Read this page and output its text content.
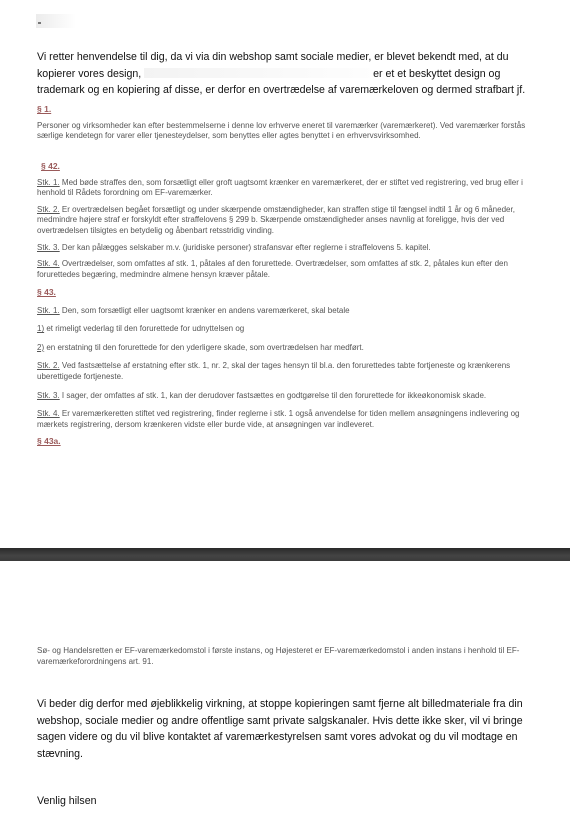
Vi retter henvendelse til dig, da vi via din webshop samt sociale medier, er blevet bekendt med, at du kopierer vores design,	er et et beskyttet design og trademark og en kopiering af disse, er derfor en overtrædelse af varemærkeloven og dermed strafbart jf.

§ 1.

Personer og virksomheder kan efter bestemmelserne i denne lov erhverve eneret til varemærker (varemærkeret). Ved varemærker forstås særlige kendetegn for varer eller tjenesteydelser, som benyttes eller agtes benyttet i en erhvervsvirksomhed.

§ 42.

Stk. 1. Med bøde straffes den, som forsætligt eller groft uagtsomt krænker en varemærkeret, der er stiftet ved registrering, ved brug eller i henhold til Rådets forordning om EF-varemærker.

Stk. 2. Er overtrædelsen begået forsætligt og under skærpende omstændigheder, kan straffen stige til fængsel indtil 1 år og 6 måneder, medmindre højere straf er forskyldt efter straffelovens § 299 b. Skærpende omstændigheder anses navnlig at foreligge, hvis der ved overtrædelsen tilsigtes en betydelig og åbenbart retsstridig vinding.

Stk. 3. Der kan pålægges selskaber m.v. (juridiske personer) strafansvar efter reglerne i straffelovens 5. kapitel.

Stk. 4. Overtrædelser, som omfattes af stk. 1, påtales af den forurettede. Overtrædelser, som omfattes af stk. 2, påtales kun efter den forurettedes begæring, medmindre almene hensyn kræver påtale.

§ 43.

Stk. 1. Den, som forsætligt eller uagtsomt krænker en andens varemærkeret, skal betale

1) et rimeligt vederlag til den forurettede for udnyttelsen og

2) en erstatning til den forurettede for den yderligere skade, som overtrædelsen har medført.

Stk. 2. Ved fastsættelse af erstatning efter stk. 1, nr. 2, skal der tages hensyn til bl.a. den forurettedes tabte fortjeneste og krænkerens uberettigede fortjeneste.

Stk. 3. I sager, der omfattes af stk. 1, kan der derudover fastsættes en godtgørelse til den forurettede for ikkeøkonomisk skade.

Stk. 4. Er varemærkeretten stiftet ved registrering, finder reglerne i stk. 1 også anvendelse for tiden mellem ansøgningens indlevering og mærkets registrering, dersom krænkeren vidste eller burde vide, at ansøgningen var indleveret.

§ 43a.

Sø- og Handelsretten er EF-varemærkedomstol i første instans, og Højesteret er EF-varemærkedomstol i anden instans i henhold til EF-varemærkeforordningens art. 91.
Vi beder dig derfor med øjeblikkelig virkning, at stoppe kopieringen samt fjerne alt billedmateriale fra din webshop, sociale medier og andre offentlige samt private salgskanaler. Hvis dette ikke sker, vil vi bringe sagen videre og du vil blive kontaktet af varemærkestyrelsen samt vores advokat og du vil modtage en stævning.
Venlig hilsen
